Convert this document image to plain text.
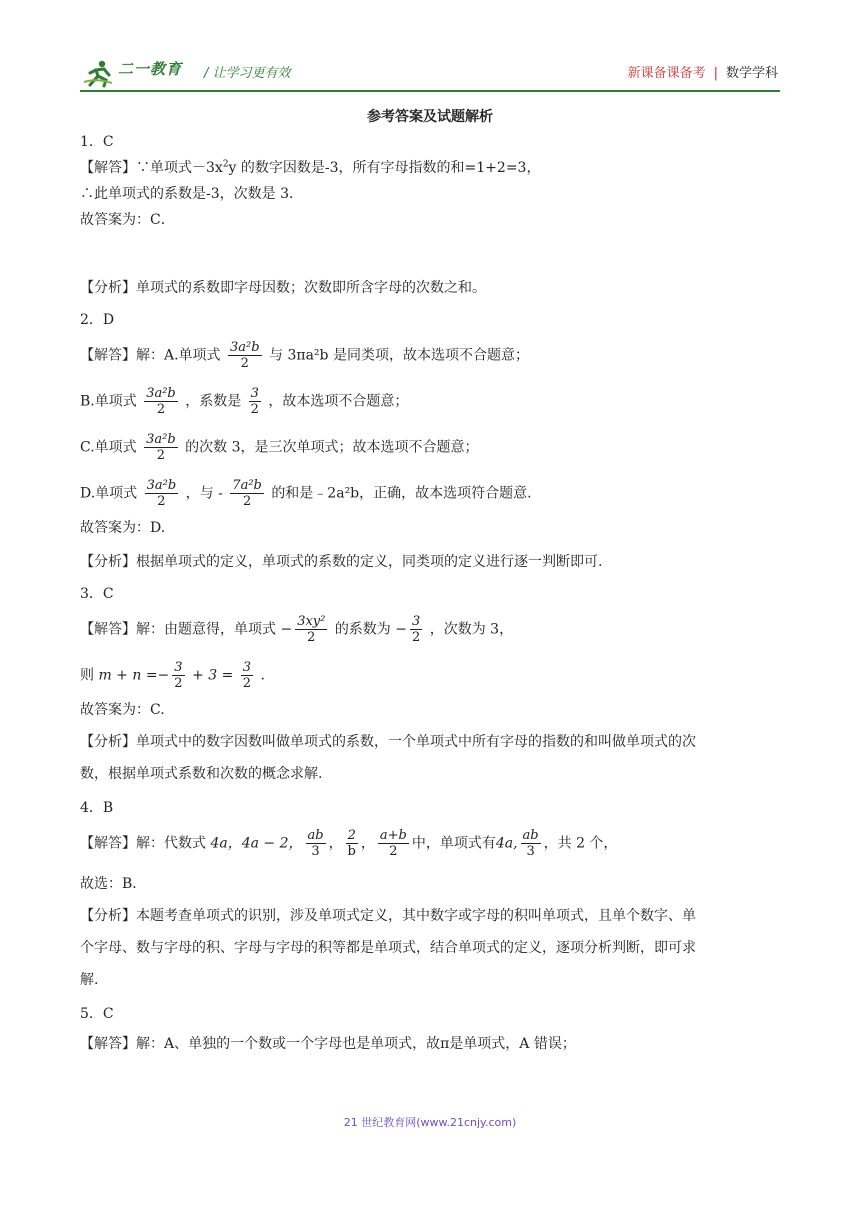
二一教育 / 让学习更有效	新课备课备考 | 数学学科
参考答案及试题解析

1．C

【解答】∵单项式$-3x^2y$ 的数字因数是-3，所有字母指数的和=1+2=3，

∴此单项式的系数是-3，次数是 3．

故答案为：C．

【分析】单项式的系数即字母因数；次数即所含字母的次数之和。

2．D

【解答】解：A.单项式 $\frac{\text{3a²b}}{2}$ 与 3πa²b 是同类项，故本选项不合题意；

B.单项式 $\frac{\text{3a²b}}{2}$ ，系数是 $\frac{3}{2}$ ，故本选项不合题意；

C.单项式 $\frac{\text{3a²b}}{2}$ 的次数 3，是三次单项式；故本选项不合题意；

D.单项式 $\frac{\text{3a²b}}{2}$ ，与 - $\frac{\text{7a²b}}{2}$ 的和是﹣2a²b，正确，故本选项符合题意.

故答案为：D.

【分析】根据单项式的定义，单项式的系数的定义，同类项的定义进行逐一判断即可.

3．C

【解答】解：由题意得，单项式 − $\frac{\text{3xy²}}{2}$ 的系数为 − $\frac{3}{2}$ ，次数为 3，

则 $m + n =- \frac{3}{2} + 3 = \frac{3}{2}$ .

故答案为：C.

【分析】单项式中的数字因数叫做单项式的系数，一个单项式中所有字母的指数的和叫做单项式的次

数，根据单项式系数和次数的概念求解.

4．B

【解答】解：代数式 4a，4a − 2， $\frac{ab}{3}$ ， $\frac{2}{b}$ ， $\frac{a+b}{2}$ 中，单项式有4a, $\frac{ab}{3}$ ，共 2 个，

故选：B.

【分析】本题考查单项式的识别，涉及单项式定义，其中数字或字母的积叫单项式，且单个数字、单

个字母、数与字母的积、字母与字母的积等都是单项式，结合单项式的定义，逐项分析判断，即可求

解.

5．C

【解答】解：A、单独的一个数或一个字母也是单项式，故π是单项式，A 错误；

21 世纪教育网(www.21cnjy.com)
